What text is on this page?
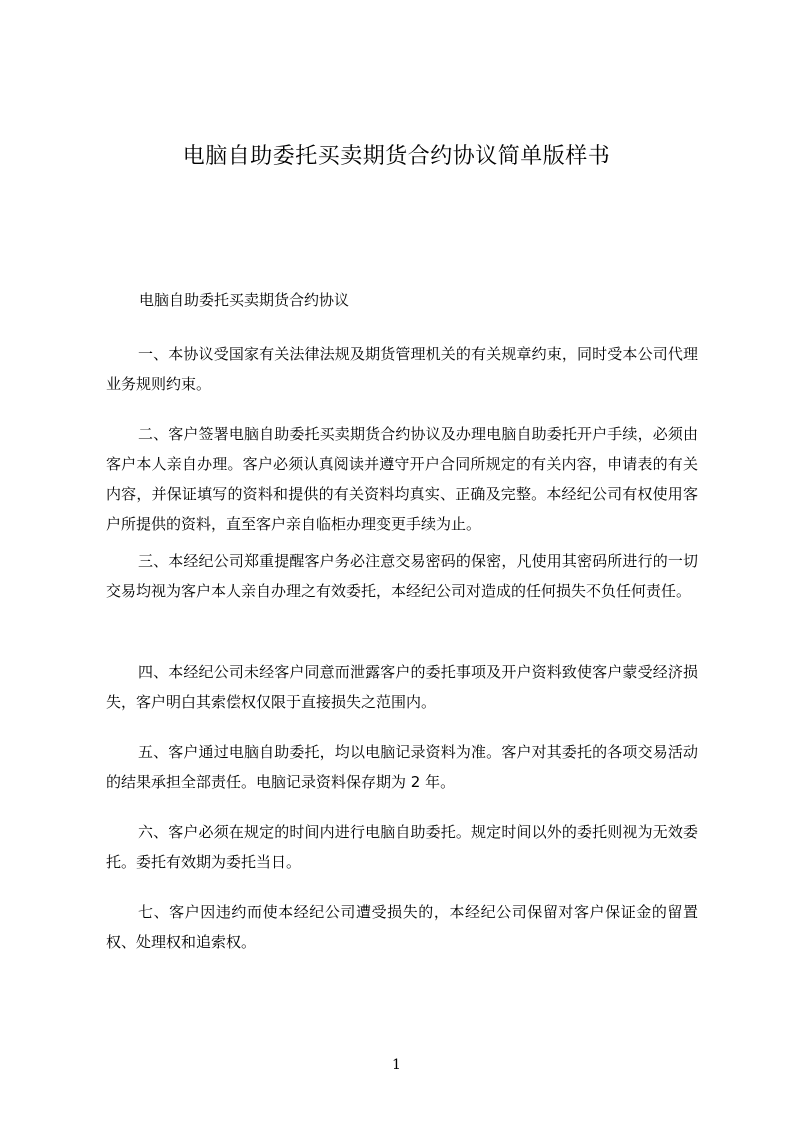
电脑自助委托买卖期货合约协议简单版样书
电脑自助委托买卖期货合约协议

一、本协议受国家有关法律法规及期货管理机关的有关规章约束，同时受本公司代理业务规则约束。

二、客户签署电脑自助委托买卖期货合约协议及办理电脑自助委托开户手续，必须由客户本人亲自办理。客户必须认真阅读并遵守开户合同所规定的有关内容，申请表的有关内容，并保证填写的资料和提供的有关资料均真实、正确及完整。本经纪公司有权使用客户所提供的资料，直至客户亲自临柜办理变更手续为止。

三、本经纪公司郑重提醒客户务必注意交易密码的保密，凡使用其密码所进行的一切交易均视为客户本人亲自办理之有效委托，本经纪公司对造成的任何损失不负任何责任。

四、本经纪公司未经客户同意而泄露客户的委托事项及开户资料致使客户蒙受经济损失，客户明白其索偿权仅限于直接损失之范围内。

五、客户通过电脑自助委托，均以电脑记录资料为准。客户对其委托的各项交易活动的结果承担全部责任。电脑记录资料保存期为 2 年。

六、客户必须在规定的时间内进行电脑自助委托。规定时间以外的委托则视为无效委托。委托有效期为委托当日。

七、客户因违约而使本经纪公司遭受损失的，本经纪公司保留对客户保证金的留置权、处理权和追索权。

1
